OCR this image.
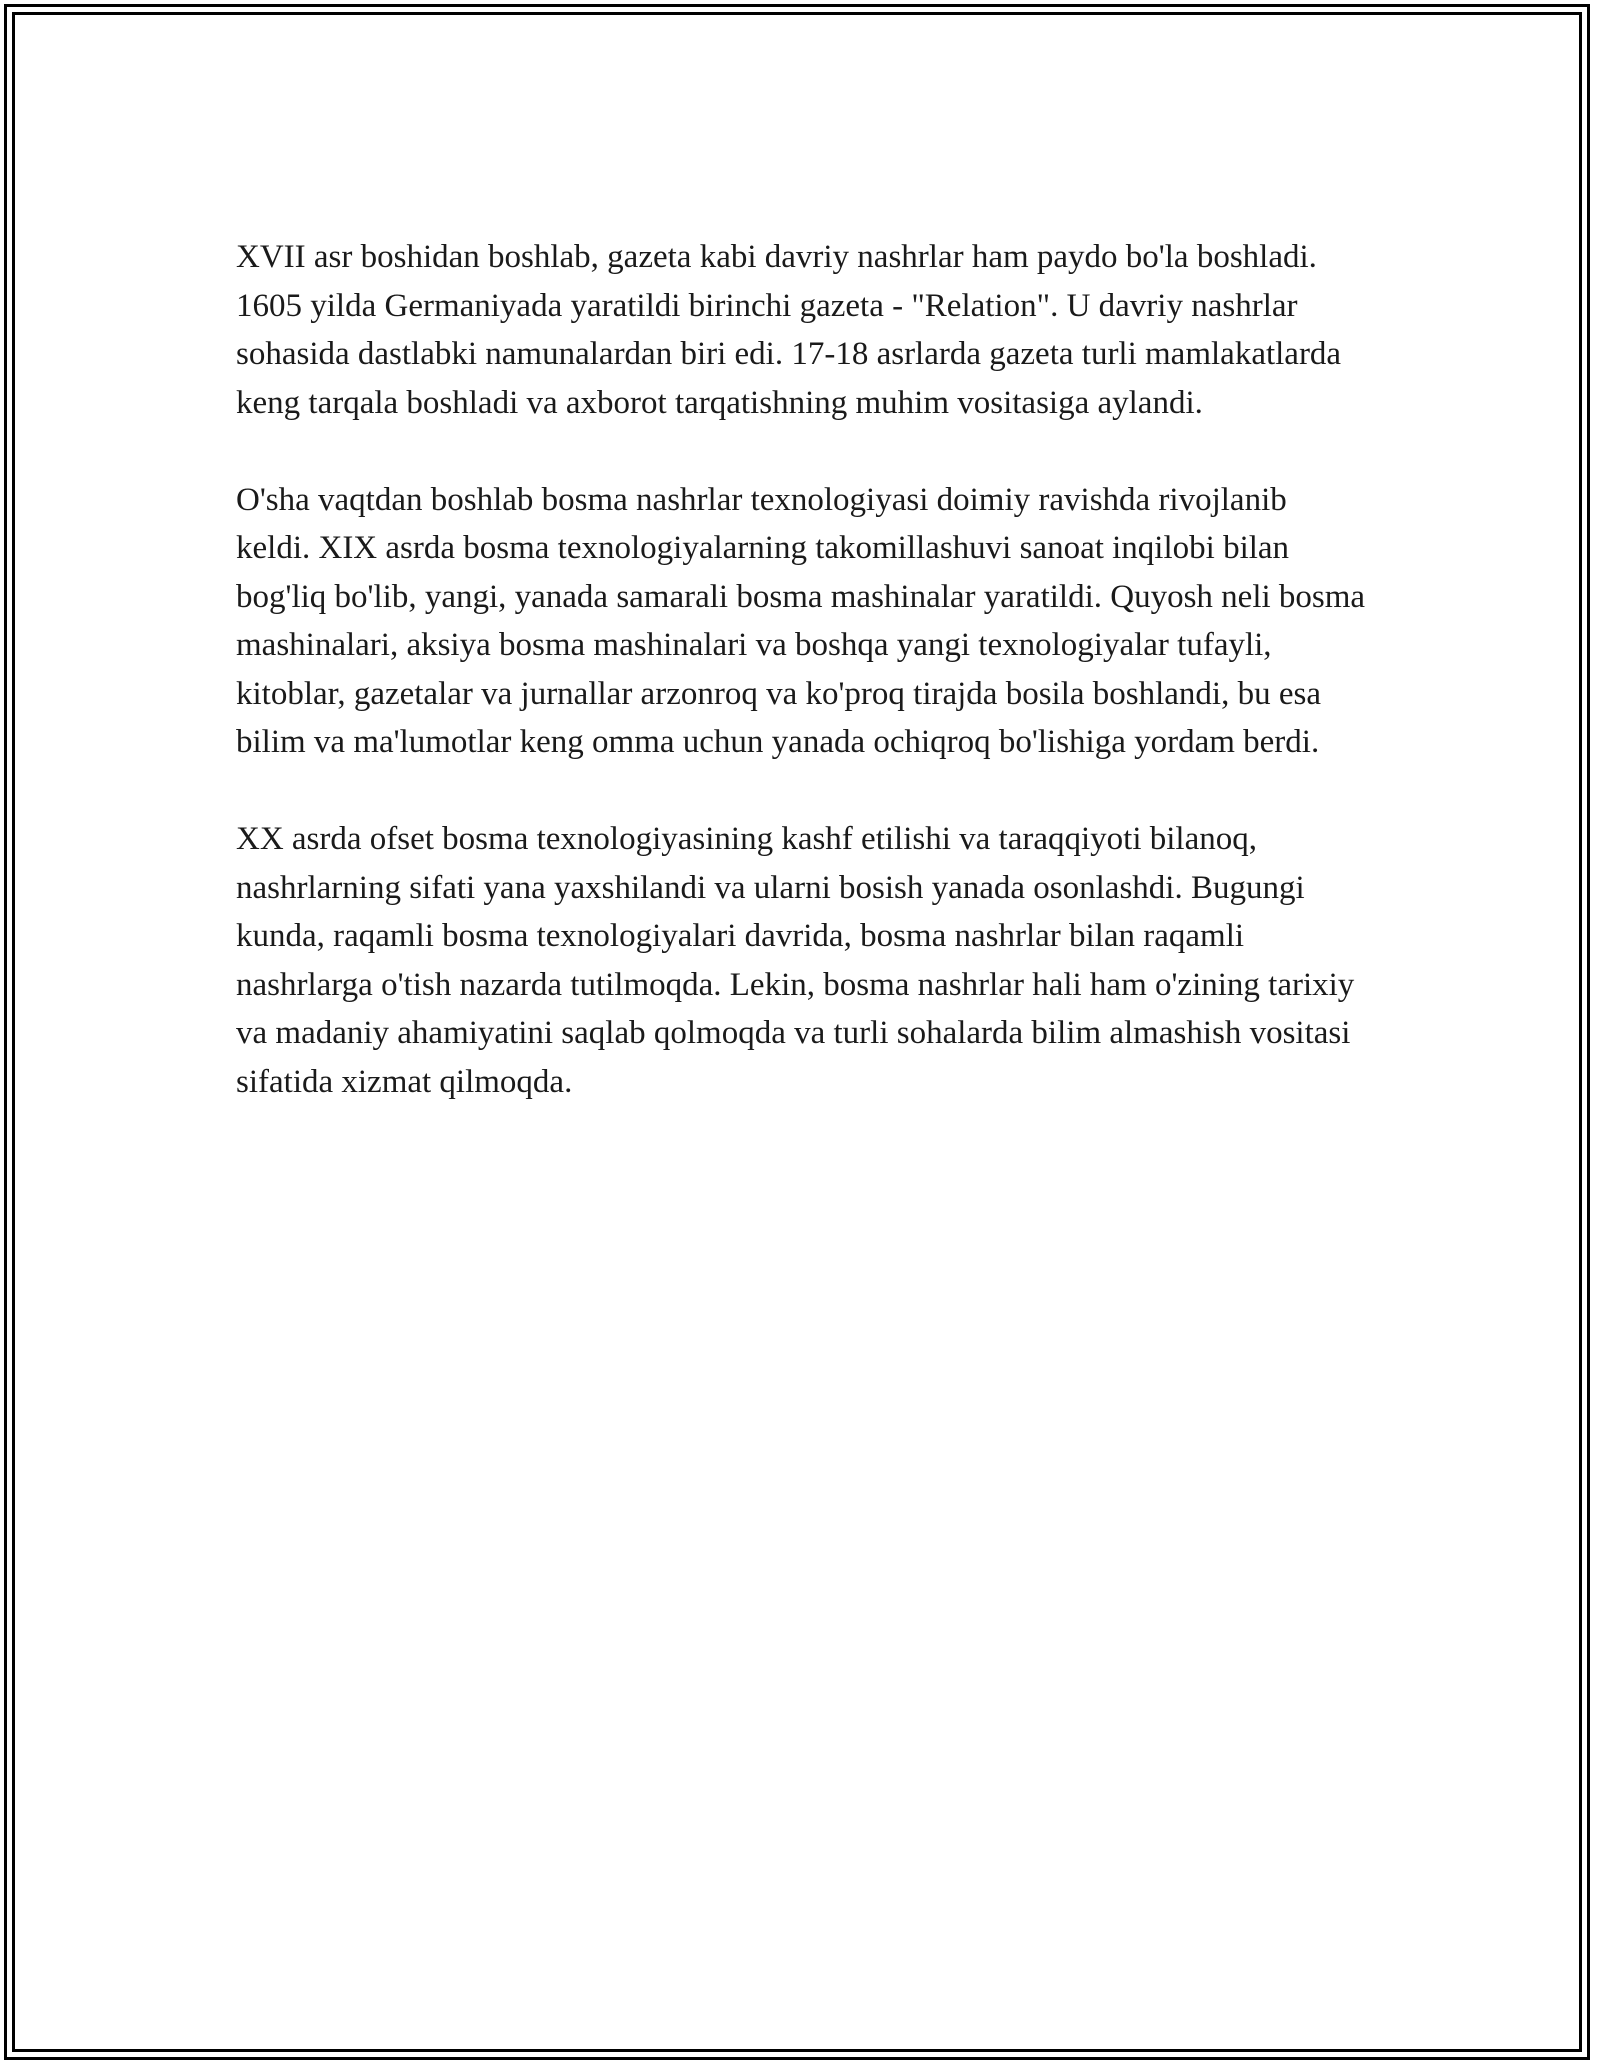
XVII asr boshidan boshlab, gazeta kabi davriy nashrlar ham paydo bo'la boshladi. 1605 yilda Germaniyada yaratildi birinchi gazeta - "Relation". U davriy nashrlar sohasida dastlabki namunalardan biri edi. 17-18 asrlarda gazeta turli mamlakatlarda keng tarqala boshladi va axborot tarqatishning muhim vositasiga aylandi.

O'sha vaqtdan boshlab bosma nashrlar texnologiyasi doimiy ravishda rivojlanib keldi. XIX asrda bosma texnologiyalarning takomillashuvi sanoat inqilobi bilan bog'liq bo'lib, yangi, yanada samarali bosma mashinalar yaratildi. Quyosh neli bosma mashinalari, aksiya bosma mashinalari va boshqa yangi texnologiyalar tufayli, kitoblar, gazetalar va jurnallar arzonroq va ko'proq tirajda bosila boshlandi, bu esa bilim va ma'lumotlar keng omma uchun yanada ochiqroq bo'lishiga yordam berdi.

XX asrda ofset bosma texnologiyasining kashf etilishi va taraqqiyoti bilanoq, nashrlarning sifati yana yaxshilandi va ularni bosish yanada osonlashdi. Bugungi kunda, raqamli bosma texnologiyalari davrida, bosma nashrlar bilan raqamli nashrlarga o'tish nazarda tutilmoqda. Lekin, bosma nashrlar hali ham o'zining tarixiy va madaniy ahamiyatini saqlab qolmoqda va turli sohalarda bilim almashish vositasi sifatida xizmat qilmoqda.
